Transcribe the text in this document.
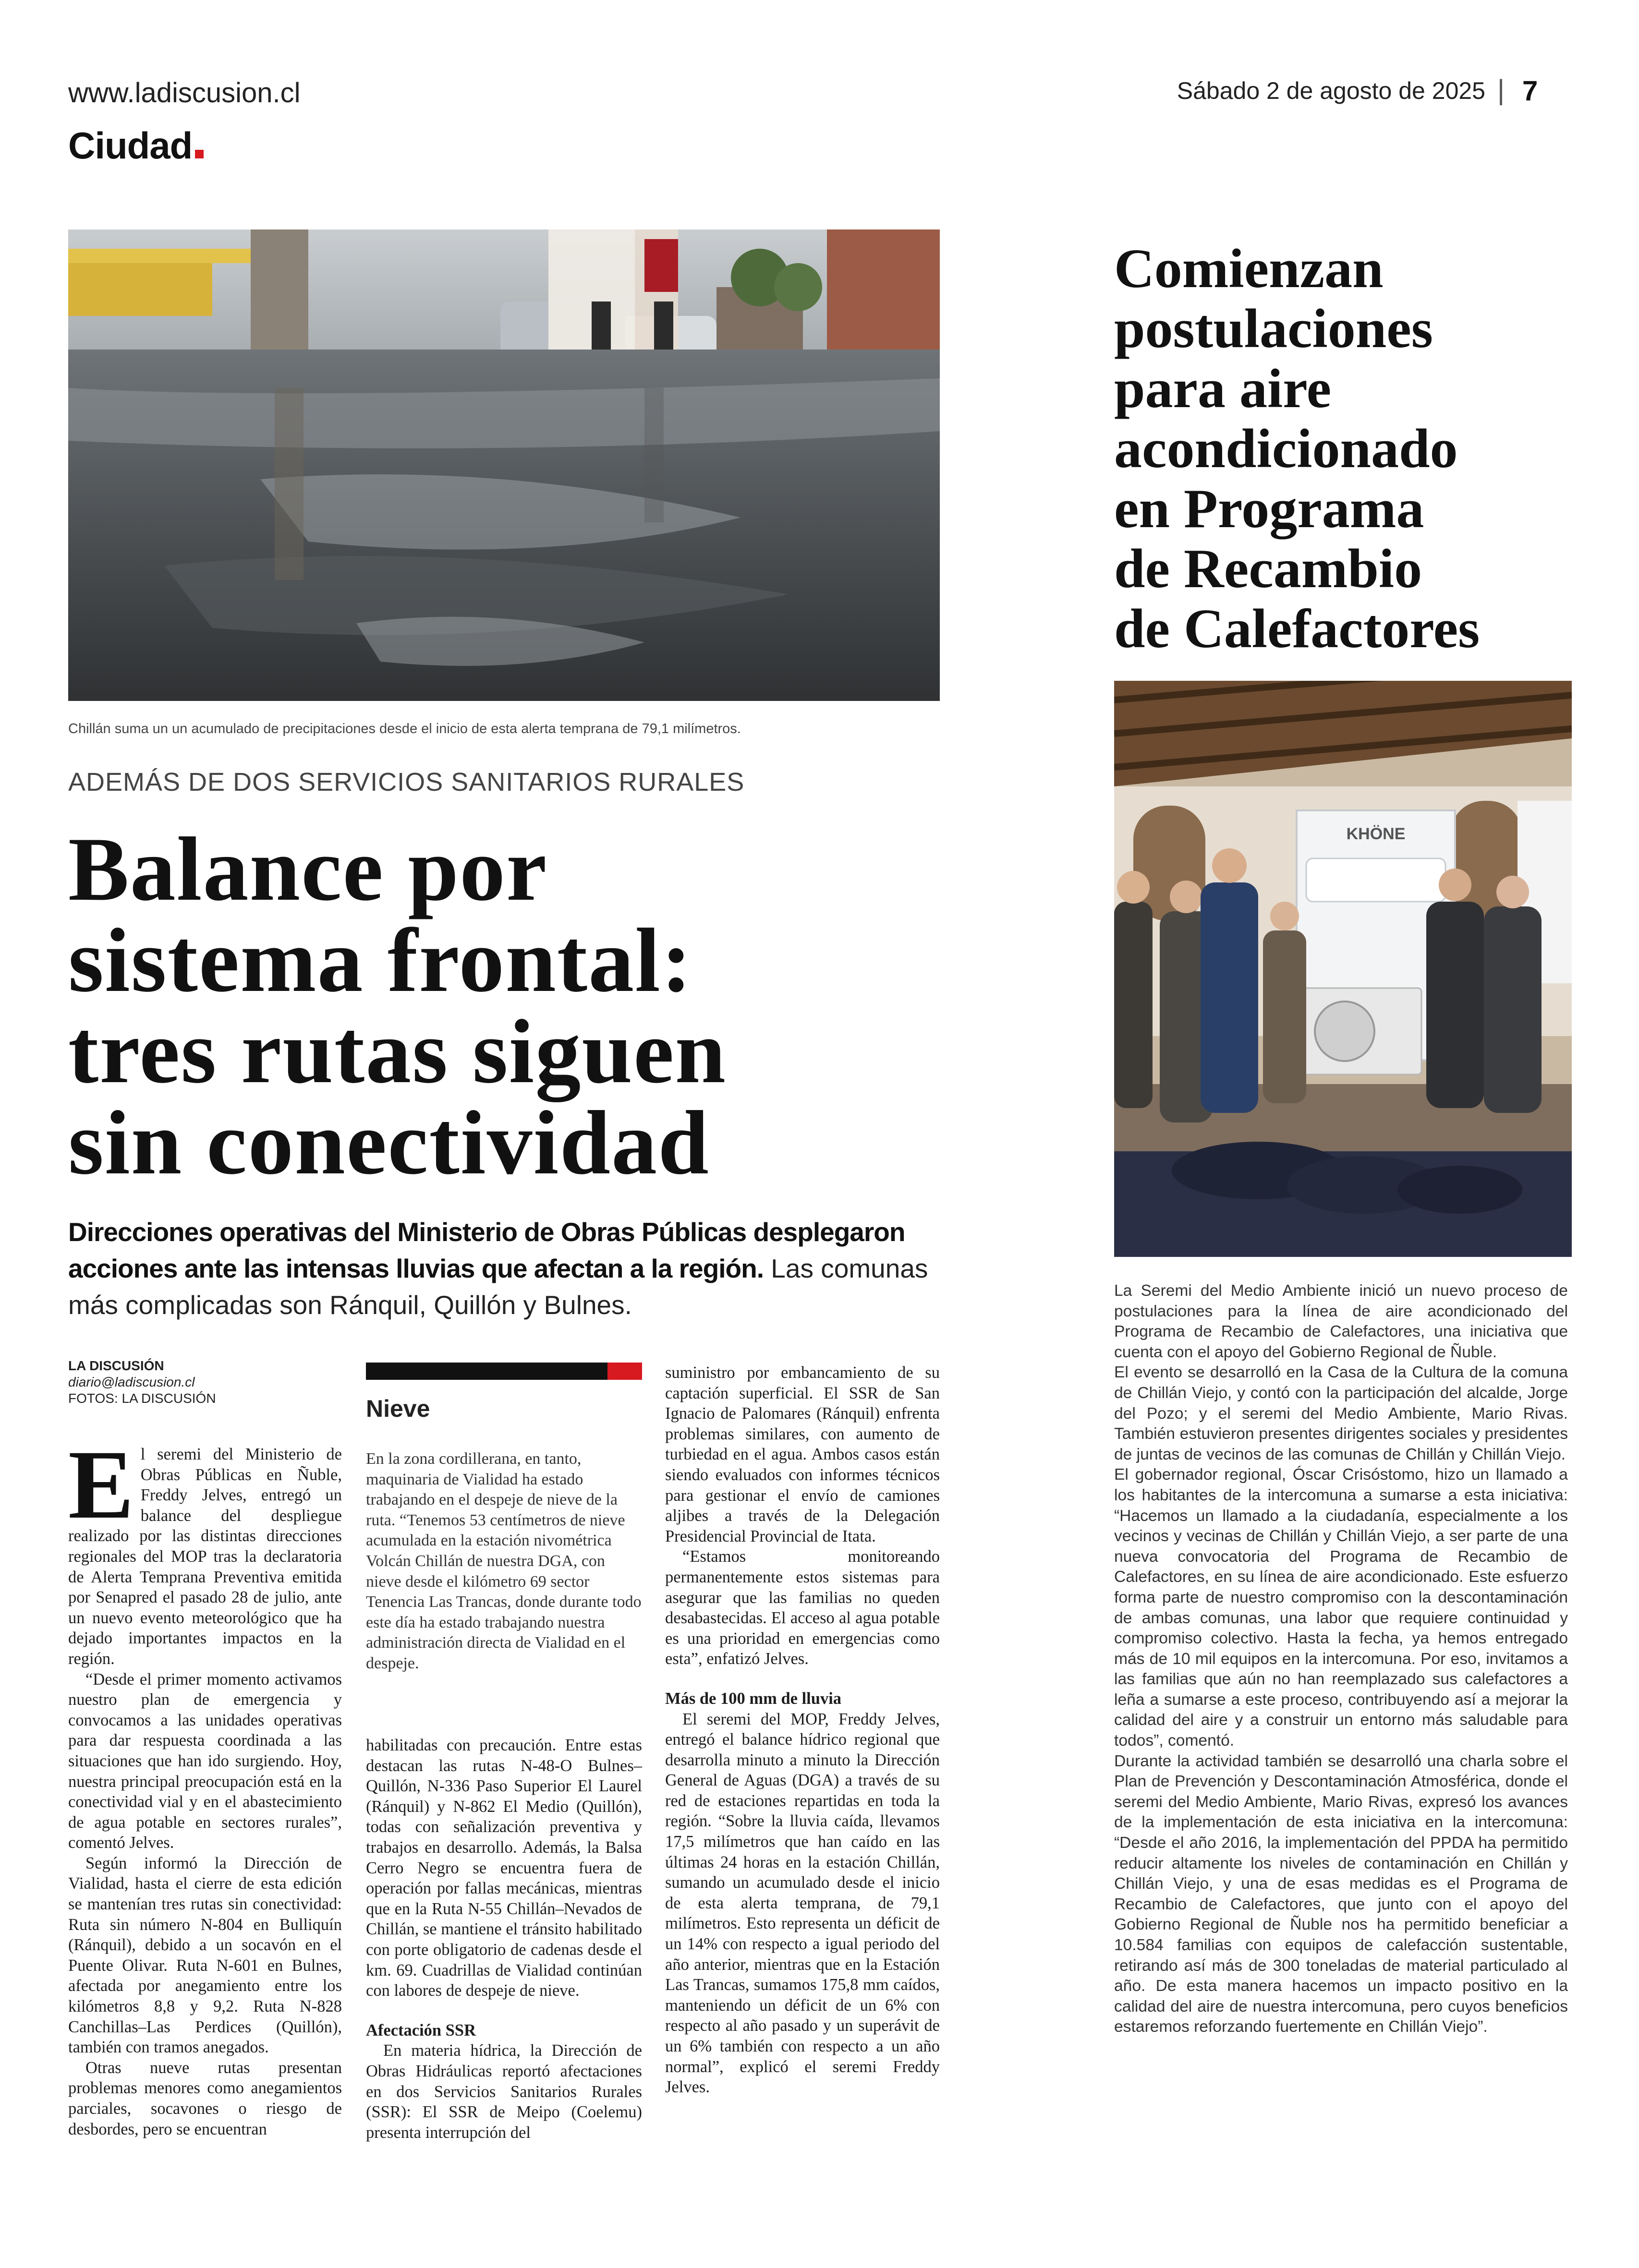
www.ladiscusion.cl	Sábado 2 de agosto de 2025 | 7
Ciudad
Chillán suma un un acumulado de precipitaciones desde el inicio de esta alerta temprana de 79,1 milímetros.
ADEMÁS DE DOS SERVICIOS SANITARIOS RURALES
Balance por
sistema frontal:
tres rutas siguen
sin conectividad
Direcciones operativas del Ministerio de Obras Públicas desplegaron acciones ante las intensas lluvias que afectan a la región. Las comunas más complicadas son Ránquil, Quillón y Bulnes.
LA DISCUSIÓN
diario@ladiscusion.cl
FOTOS: LA DISCUSIÓN

El seremi del Ministerio de Obras Públicas en Ñuble, Freddy Jelves, entregó un balance del despliegue realizado por las distintas direcciones regionales del MOP tras la declaratoria de Alerta Temprana Preventiva emitida por Senapred el pasado 28 de julio, ante un nuevo evento meteorológico que ha dejado importantes impactos en la región.

“Desde el primer momento activamos nuestro plan de emergencia y convocamos a las unidades operativas para dar respuesta coordinada a las situaciones que han ido surgiendo. Hoy, nuestra principal preocupación está en la conectividad vial y en el abastecimiento de agua potable en sectores rurales”, comentó Jelves.

Según informó la Dirección de Vialidad, hasta el cierre de esta edición se mantenían tres rutas sin conectividad: Ruta sin número N-804 en Bulliquín (Ránquil), debido a un socavón en el Puente Olivar. Ruta N-601 en Bulnes, afectada por anegamiento entre los kilómetros 8,8 y 9,2. Ruta N-828 Canchillas–Las Perdices (Quillón), también con tramos anegados.

Otras nueve rutas presentan problemas menores como anegamientos parciales, socavones o riesgo de desbordes, pero se encuentran

Nieve

En la zona cordillerana, en tanto, maquinaria de Vialidad ha estado trabajando en el despeje de nieve de la ruta. “Tenemos 53 centímetros de nieve acumulada en la estación nivométrica Volcán Chillán de nuestra DGA, con nieve desde el kilómetro 69 sector Tenencia Las Trancas, donde durante todo este día ha estado trabajando nuestra administración directa de Vialidad en el despeje.

habilitadas con precaución. Entre estas destacan las rutas N-48-O Bulnes–Quillón, N-336 Paso Superior El Laurel (Ránquil) y N-862 El Medio (Quillón), todas con señalización preventiva y trabajos en desarrollo. Además, la Balsa Cerro Negro se encuentra fuera de operación por fallas mecánicas, mientras que en la Ruta N-55 Chillán–Nevados de Chillán, se mantiene el tránsito habilitado con porte obligatorio de cadenas desde el km. 69. Cuadrillas de Vialidad continúan con labores de despeje de nieve.

Afectación SSR

En materia hídrica, la Dirección de Obras Hidráulicas reportó afectaciones en dos Servicios Sanitarios Rurales (SSR): El SSR de Meipo (Coelemu) presenta interrupción del

suministro por embancamiento de su captación superficial. El SSR de San Ignacio de Palomares (Ránquil) enfrenta problemas similares, con aumento de turbiedad en el agua. Ambos casos están siendo evaluados con informes técnicos para gestionar el envío de camiones aljibes a través de la Delegación Presidencial Provincial de Itata.

“Estamos monitoreando permanentemente estos sistemas para asegurar que las familias no queden desabastecidas. El acceso al agua potable es una prioridad en emergencias como esta”, enfatizó Jelves.

Más de 100 mm de lluvia

El seremi del MOP, Freddy Jelves, entregó el balance hídrico regional que desarrolla minuto a minuto la Dirección General de Aguas (DGA) a través de su red de estaciones repartidas en toda la región. “Sobre la lluvia caída, llevamos 17,5 milímetros que han caído en las últimas 24 horas en la estación Chillán, sumando un acumulado desde el inicio de esta alerta temprana, de 79,1 milímetros. Esto representa un déficit de un 14% con respecto a igual periodo del año anterior, mientras que en la Estación Las Trancas, sumamos 175,8 mm caídos, manteniendo un déficit de un 6% con respecto al año pasado y un superávit de un 6% también con respecto a un año normal”, explicó el seremi Freddy Jelves.

Comienzan
postulaciones
para aire
acondicionado
en Programa
de Recambio
de Calefactores
KHÖNE

La Seremi del Medio Ambiente inició un nuevo proceso de postulaciones para la línea de aire acondicionado del Programa de Recambio de Calefactores, una iniciativa que cuenta con el apoyo del Gobierno Regional de Ñuble.

El evento se desarrolló en la Casa de la Cultura de la comuna de Chillán Viejo, y contó con la participación del alcalde, Jorge del Pozo; y el seremi del Medio Ambiente, Mario Rivas. También estuvieron presentes dirigentes sociales y presidentes de juntas de vecinos de las comunas de Chillán y Chillán Viejo.

El gobernador regional, Óscar Crisóstomo, hizo un llamado a los habitantes de la intercomuna a sumarse a esta iniciativa: “Hacemos un llamado a la ciudadanía, especialmente a los vecinos y vecinas de Chillán y Chillán Viejo, a ser parte de una nueva convocatoria del Programa de Recambio de Calefactores, en su línea de aire acondicionado. Este esfuerzo forma parte de nuestro compromiso con la descontaminación de ambas comunas, una labor que requiere continuidad y compromiso colectivo. Hasta la fecha, ya hemos entregado más de 10 mil equipos en la intercomuna. Por eso, invitamos a las familias que aún no han reemplazado sus calefactores a leña a sumarse a este proceso, contribuyendo así a mejorar la calidad del aire y a construir un entorno más saludable para todos”, comentó.

Durante la actividad también se desarrolló una charla sobre el Plan de Prevención y Descontaminación Atmosférica, donde el seremi del Medio Ambiente, Mario Rivas, expresó los avances de la implementación de esta iniciativa en la intercomuna: “Desde el año 2016, la implementación del PPDA ha permitido reducir altamente los niveles de contaminación en Chillán y Chillán Viejo, y una de esas medidas es el Programa de Recambio de Calefactores, que junto con el apoyo del Gobierno Regional de Ñuble nos ha permitido beneficiar a 10.584 familias con equipos de calefacción sustentable, retirando así más de 300 toneladas de material particulado al año. De esta manera hacemos un impacto positivo en la calidad del aire de nuestra intercomuna, pero cuyos beneficios estaremos reforzando fuertemente en Chillán Viejo”.
